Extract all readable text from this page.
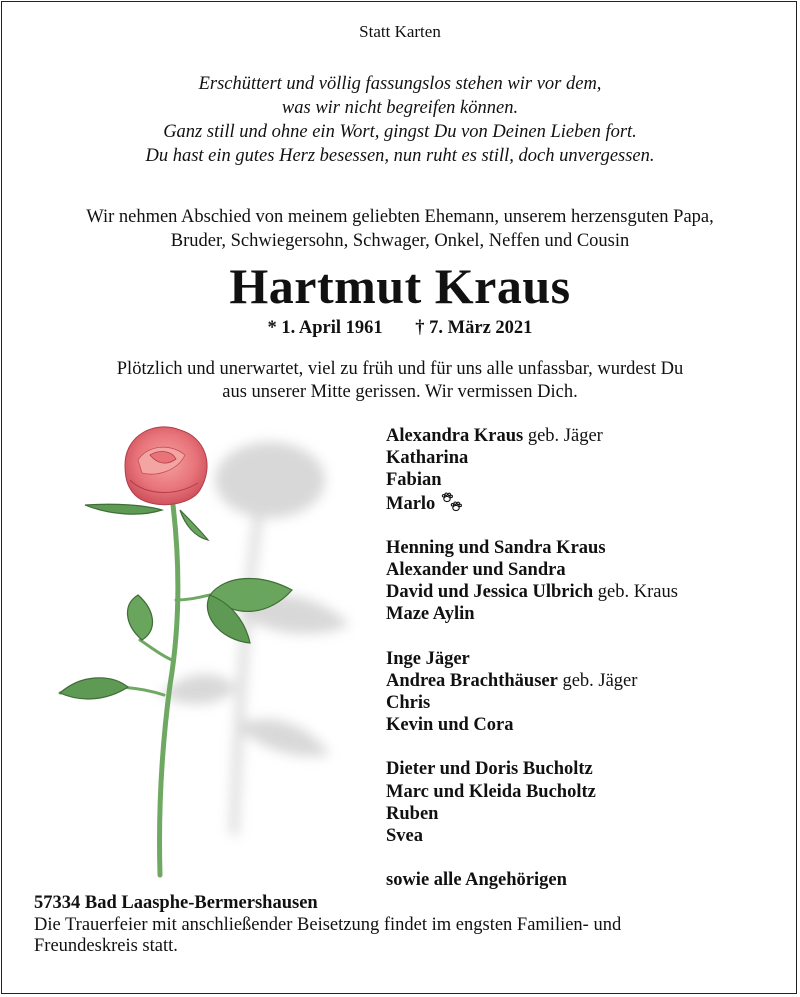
Statt Karten
Erschüttert und völlig fassungslos stehen wir vor dem,
was wir nicht begreifen können.
Ganz still und ohne ein Wort, gingst Du von Deinen Lieben fort.
Du hast ein gutes Herz besessen, nun ruht es still, doch unvergessen.
Wir nehmen Abschied von meinem geliebten Ehemann, unserem herzensguten Papa,
Bruder, Schwiegersohn, Schwager, Onkel, Neffen und Cousin
Hartmut Kraus
* 1. April 1961 † 7. März 2021
Plötzlich und unerwartet, viel zu früh und für uns alle unfassbar, wurdest Du
aus unserer Mitte gerissen. Wir vermissen Dich.
Alexandra Kraus geb. Jäger
Katharina
Fabian
Marlo
Henning und Sandra Kraus
Alexander und Sandra
David und Jessica Ulbrich geb. Kraus
Maze Aylin
Inge Jäger
Andrea Brachthäuser geb. Jäger
Chris
Kevin und Cora
Dieter und Doris Bucholtz
Marc und Kleida Bucholtz
Ruben
Svea
sowie alle Angehörigen
57334 Bad Laasphe-Bermershausen
Die Trauerfeier mit anschließender Beisetzung findet im engsten Familien- und
Freundeskreis statt.
